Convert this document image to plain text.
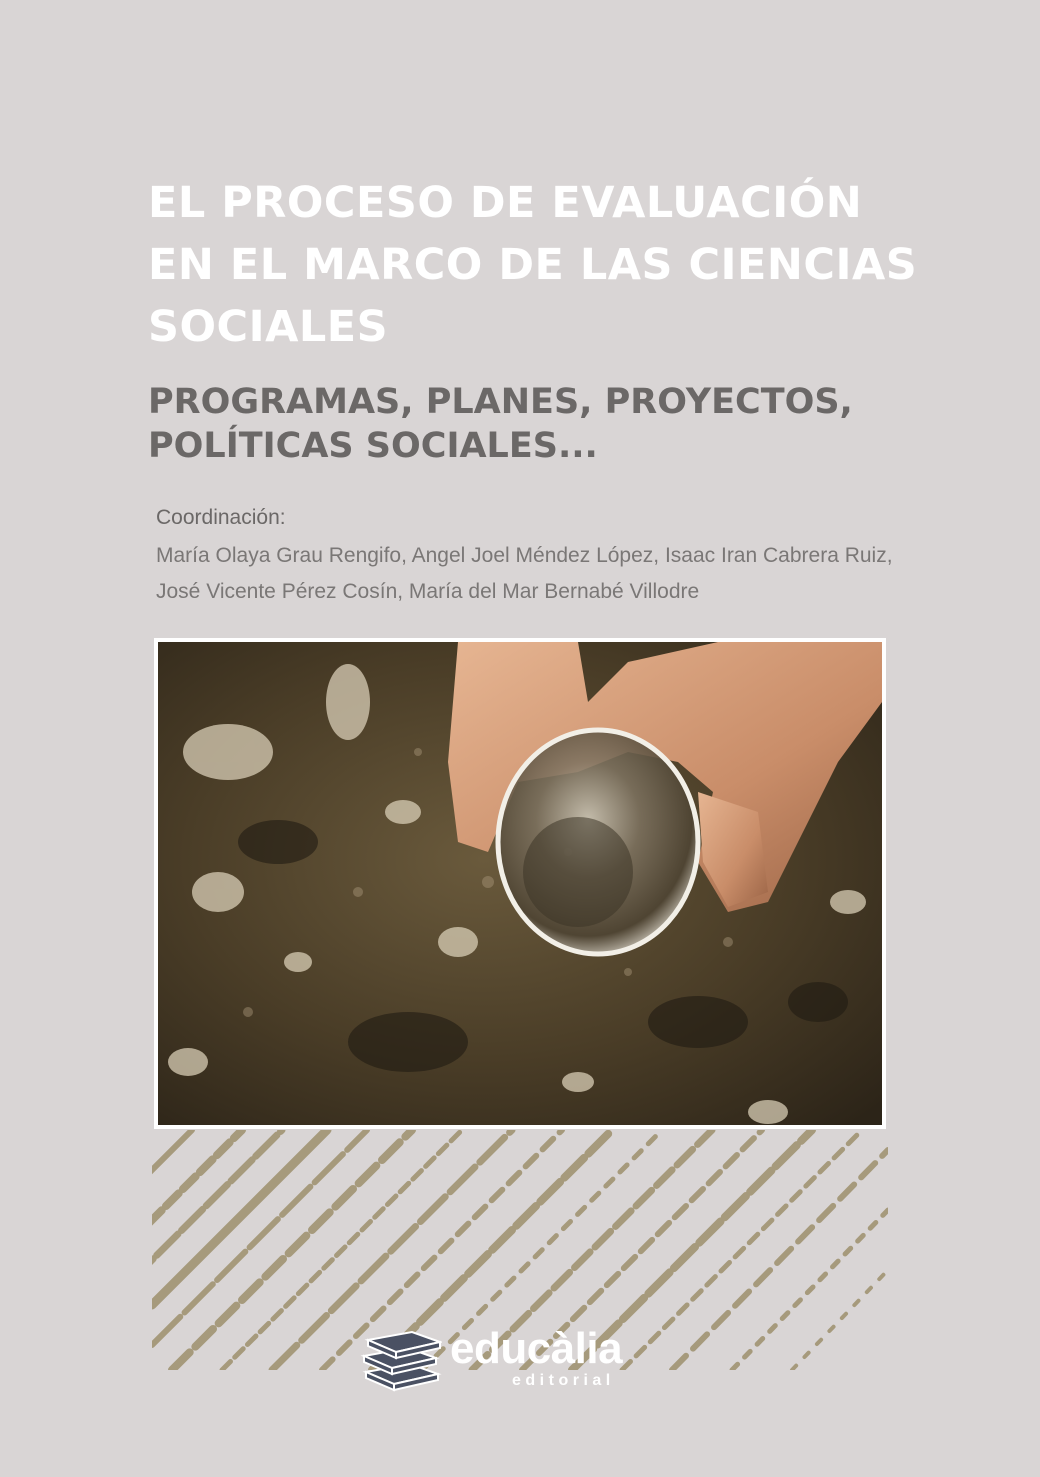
EL PROCESO DE EVALUACIÓN
EN EL MARCO DE LAS CIENCIAS
SOCIALES
PROGRAMAS, PLANES, PROYECTOS,
POLÍTICAS SOCIALES...
Coordinación:
María Olaya Grau Rengifo, Angel Joel Méndez López, Isaac Iran Cabrera Ruiz,
José Vicente Pérez Cosín, María del Mar Bernabé Villodre
educàlia
editorial
